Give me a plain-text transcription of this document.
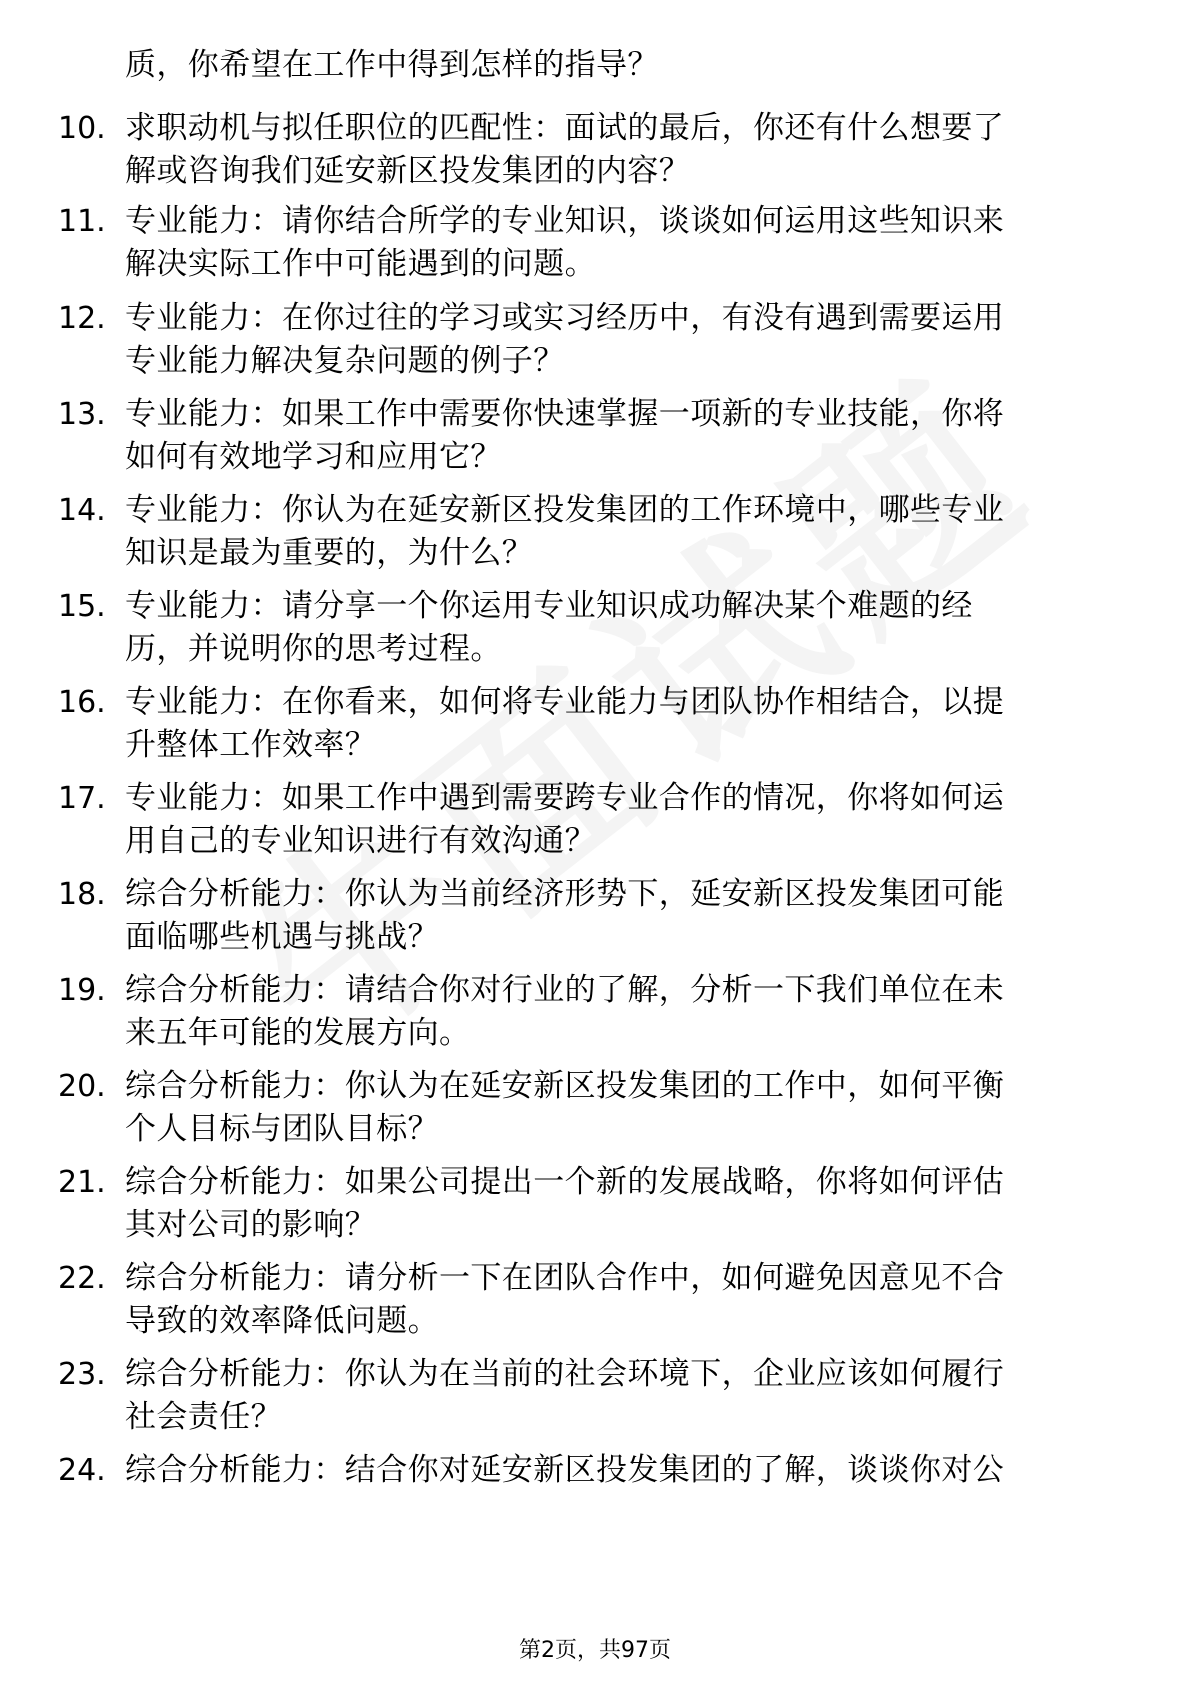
质，你希望在工作中得到怎样的指导？
10. 求职动机与拟任职位的匹配性：面试的最后，你还有什么想要了
解或咨询我们延安新区投发集团的内容？
11. 专业能力：请你结合所学的专业知识，谈谈如何运用这些知识来
解决实际工作中可能遇到的问题。
12. 专业能力：在你过往的学习或实习经历中，有没有遇到需要运用
专业能力解决复杂问题的例子？
13. 专业能力：如果工作中需要你快速掌握一项新的专业技能，你将
如何有效地学习和应用它？
14. 专业能力：你认为在延安新区投发集团的工作环境中，哪些专业
知识是最为重要的，为什么？
15. 专业能力：请分享一个你运用专业知识成功解决某个难题的经
历，并说明你的思考过程。
16. 专业能力：在你看来，如何将专业能力与团队协作相结合，以提
升整体工作效率？
17. 专业能力：如果工作中遇到需要跨专业合作的情况，你将如何运
用自己的专业知识进行有效沟通？
18. 综合分析能力：你认为当前经济形势下，延安新区投发集团可能
面临哪些机遇与挑战？
19. 综合分析能力：请结合你对行业的了解，分析一下我们单位在未
来五年可能的发展方向。
20. 综合分析能力：你认为在延安新区投发集团的工作中，如何平衡
个人目标与团队目标？
21. 综合分析能力：如果公司提出一个新的发展战略，你将如何评估
其对公司的影响？
22. 综合分析能力：请分析一下在团队合作中，如何避免因意见不合
导致的效率降低问题。
23. 综合分析能力：你认为在当前的社会环境下，企业应该如何履行
社会责任？
24. 综合分析能力：结合你对延安新区投发集团的了解，谈谈你对公
第2页，共97页
